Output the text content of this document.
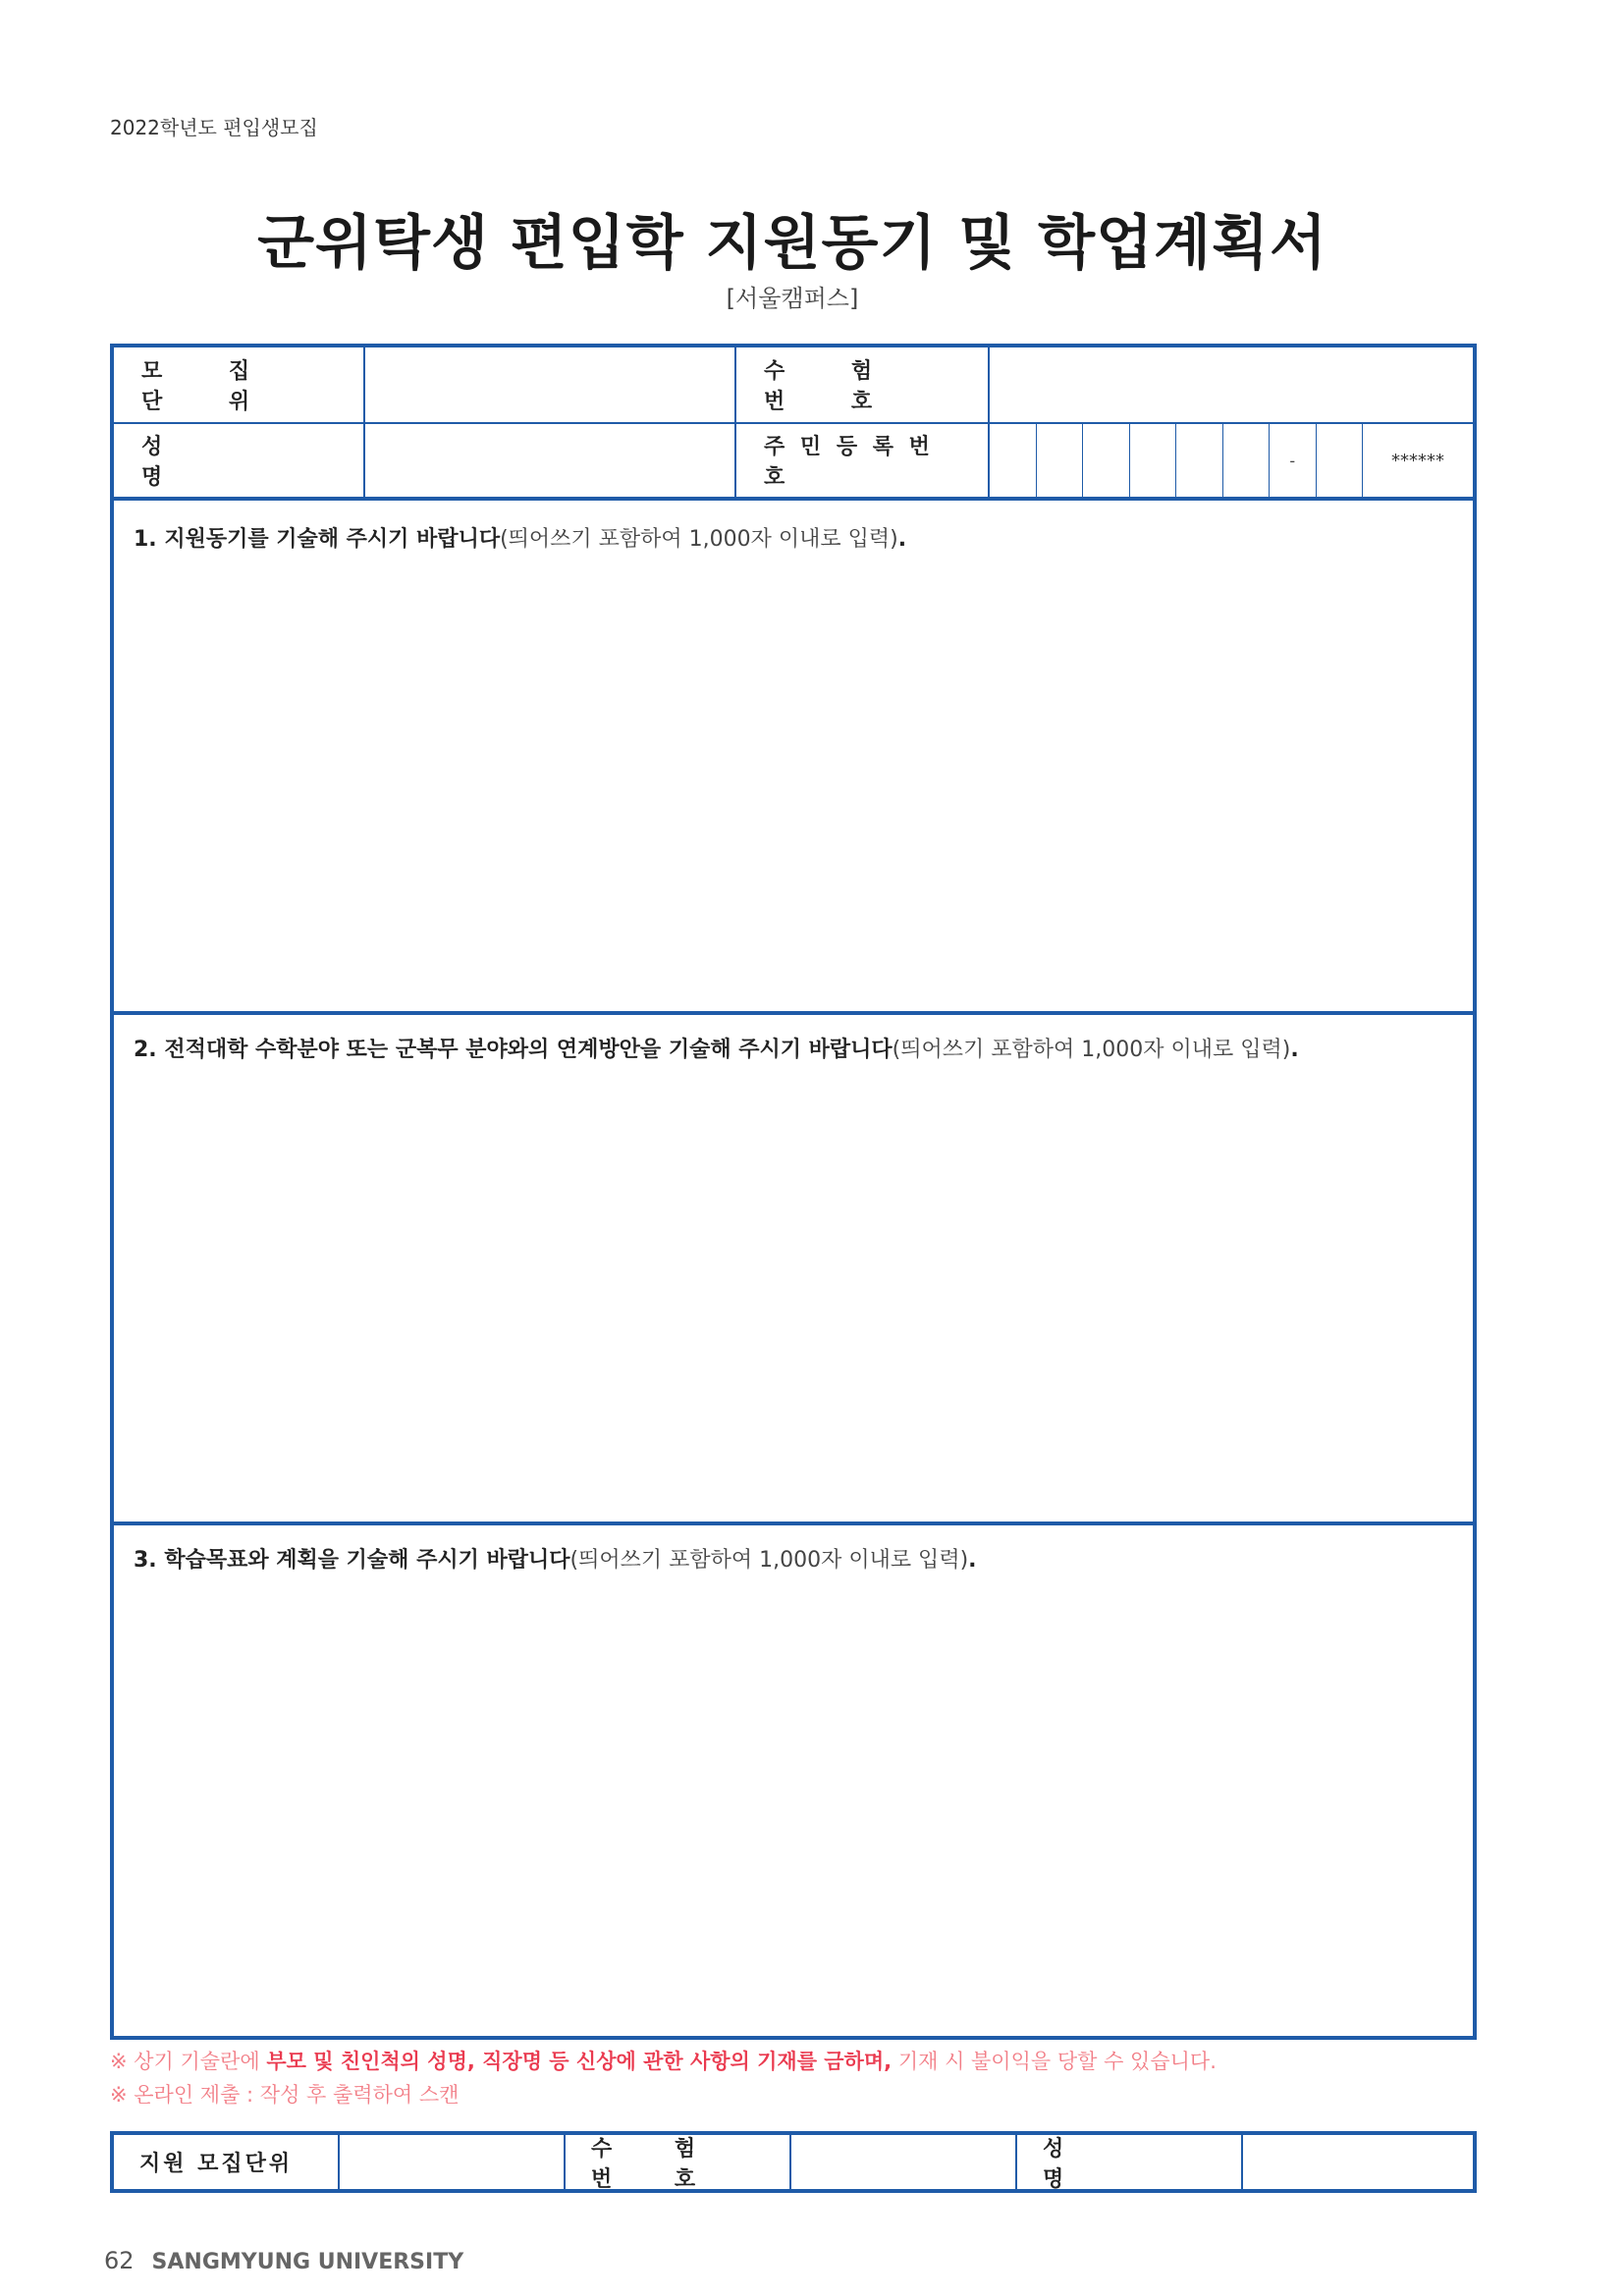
2022학년도 편입생모집
군위탁생 편입학 지원동기 및 학업계획서
[서울캠퍼스]
모 집 단 위
수 험 번 호
성 명
주 민 등 록 번 호
-	******
1. 지원동기를 기술해 주시기 바랍니다(띄어쓰기 포함하여 1,000자 이내로 입력).
2. 전적대학 수학분야 또는 군복무 분야와의 연계방안을 기술해 주시기 바랍니다(띄어쓰기 포함하여 1,000자 이내로 입력).
3. 학습목표와 계획을 기술해 주시기 바랍니다(띄어쓰기 포함하여 1,000자 이내로 입력).
※ 상기 기술란에 부모 및 친인척의 성명, 직장명 등 신상에 관한 사항의 기재를 금하며, 기재 시 불이익을 당할 수 있습니다.
※ 온라인 제출 : 작성 후 출력하여 스캔
지원 모집단위
수 험 번 호
성 명
62 SANGMYUNG UNIVERSITY
